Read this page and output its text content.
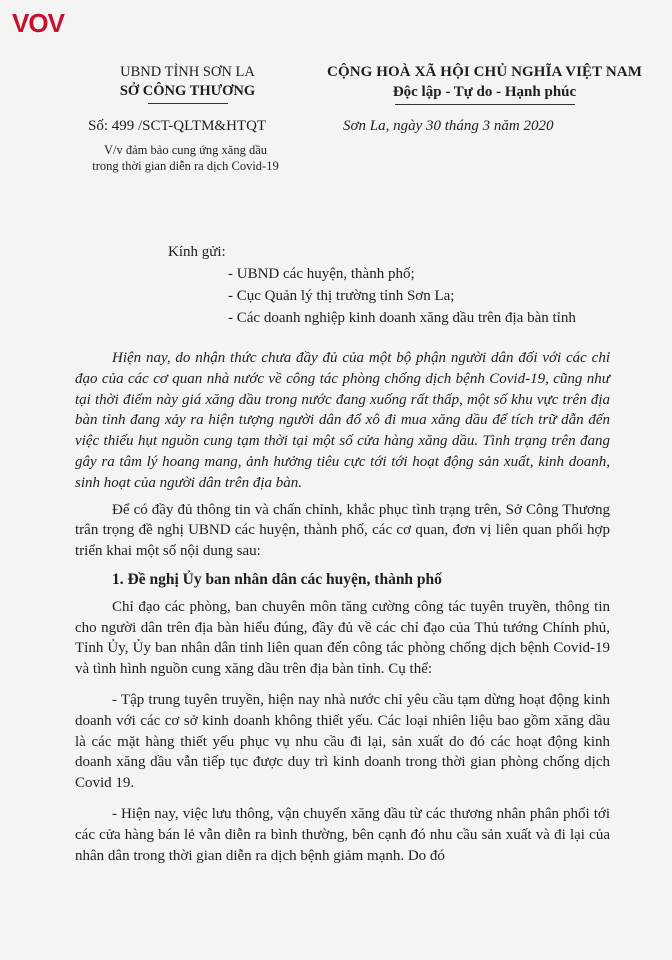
VOV
UBND TỈNH SƠN LA
SỞ CÔNG THƯƠNG
CỘNG HOÀ XÃ HỘI CHỦ NGHĨA VIỆT NAM
Độc lập - Tự do - Hạnh phúc
Số: 499 /SCT-QLTM&HTQT	Sơn La, ngày 30 tháng 3 năm 2020
V/v đảm bảo cung ứng xăng dầu
trong thời gian diễn ra dịch Covid-19
Kính gửi:
- UBND các huyện, thành phố;
- Cục Quản lý thị trường tỉnh Sơn La;
- Các doanh nghiệp kinh doanh xăng dầu trên địa bàn tỉnh

Hiện nay, do nhận thức chưa đầy đủ của một bộ phận người dân đối với các chỉ đạo của các cơ quan nhà nước về công tác phòng chống dịch bệnh Covid-19, cũng như tại thời điểm này giá xăng dầu trong nước đang xuống rất thấp, một số khu vực trên địa bàn tỉnh đang xảy ra hiện tượng người dân đổ xô đi mua xăng dầu để tích trữ dẫn đến việc thiếu hụt nguồn cung tạm thời tại một số cửa hàng xăng dầu. Tình trạng trên đang gây ra tâm lý hoang mang, ảnh hưởng tiêu cực tới tới hoạt động sản xuất, kinh doanh, sinh hoạt của người dân trên địa bàn.

Để có đầy đủ thông tin và chấn chỉnh, khắc phục tình trạng trên, Sở Công Thương trân trọng đề nghị UBND các huyện, thành phố, các cơ quan, đơn vị liên quan phối hợp triển khai một số nội dung sau:

1. Đề nghị Ủy ban nhân dân các huyện, thành phố

Chỉ đạo các phòng, ban chuyên môn tăng cường công tác tuyên truyền, thông tin cho người dân trên địa bàn hiểu đúng, đầy đủ về các chỉ đạo của Thủ tướng Chính phủ, Tỉnh Ủy, Ủy ban nhân dân tỉnh liên quan đến công tác phòng chống dịch bệnh Covid-19 và tình hình nguồn cung xăng dầu trên địa bàn tỉnh. Cụ thể:

- Tập trung tuyên truyền, hiện nay nhà nước chỉ yêu cầu tạm dừng hoạt động kinh doanh với các cơ sở kinh doanh không thiết yếu. Các loại nhiên liệu bao gồm xăng dầu là các mặt hàng thiết yếu phục vụ nhu cầu đi lại, sản xuất do đó các hoạt động kinh doanh xăng dầu vẫn tiếp tục được duy trì kinh doanh trong thời gian phòng chống dịch Covid 19.

- Hiện nay, việc lưu thông, vận chuyển xăng dầu từ các thương nhân phân phối tới các cửa hàng bán lẻ vẫn diễn ra bình thường, bên cạnh đó nhu cầu sản xuất và đi lại của nhân dân trong thời gian diễn ra dịch bệnh giảm mạnh. Do đó
